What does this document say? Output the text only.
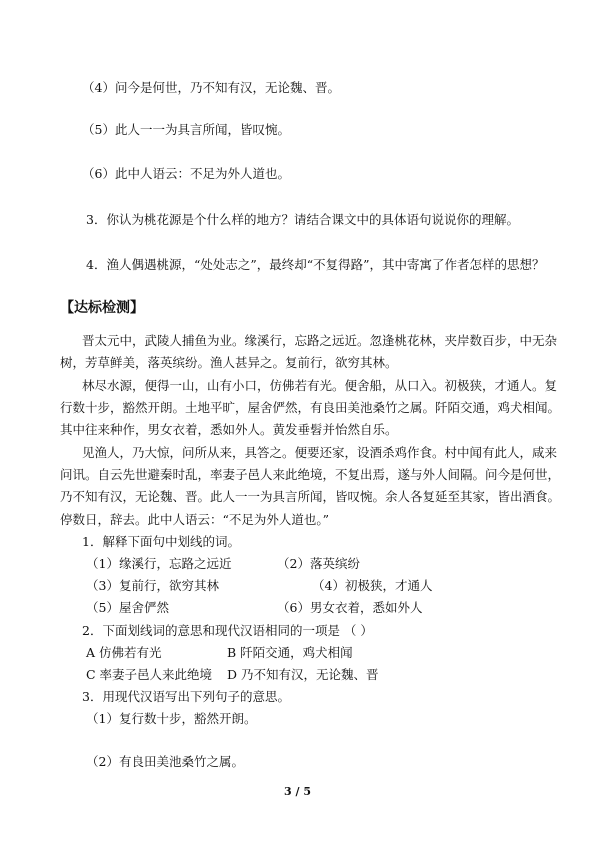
（4）问今是何世，乃不知有汉，无论魏、晋。
（5）此人一一为具言所闻，皆叹惋。
（6）此中人语云：不足为外人道也。
3．你认为桃花源是个什么样的地方？请结合课文中的具体语句说说你的理解。
4．渔人偶遇桃源，“处处志之”，最终却“不复得路”，其中寄寓了作者怎样的思想？
【达标检测】
晋太元中，武陵人捕鱼为业。缘溪行，忘路之远近。忽逢桃花林，夹岸数百步，中无杂
树，芳草鲜美，落英缤纷。渔人甚异之。复前行，欲穷其林。
林尽水源，便得一山，山有小口，仿佛若有光。便舍船，从口入。初极狭，才通人。复
行数十步，豁然开朗。土地平旷，屋舍俨然，有良田美池桑竹之属。阡陌交通，鸡犬相闻。
其中往来种作，男女衣着，悉如外人。黄发垂髫并怡然自乐。
见渔人，乃大惊，问所从来，具答之。便要还家，设酒杀鸡作食。村中闻有此人，咸来
问讯。自云先世避秦时乱，率妻子邑人来此绝境，不复出焉，遂与外人间隔。问今是何世，
乃不知有汉，无论魏、晋。此人一一为具言所闻，皆叹惋。余人各复延至其家，皆出酒食。
停数日，辞去。此中人语云：“不足为外人道也。”
1．解释下面句中划线的词。
（1）缘溪行，忘路之远近	（2）落英缤纷
（3）复前行，欲穷其林	（4）初极狭，才通人
（5）屋舍俨然	（6）男女衣着，悉如外人
2．下面划线词的意思和现代汉语相同的一项是 （ ）
A 仿佛若有光	B 阡陌交通，鸡犬相闻
C 率妻子邑人来此绝境 D 乃不知有汉，无论魏、晋
3．用现代汉语写出下列句子的意思。
（1）复行数十步，豁然开朗。
（2）有良田美池桑竹之属。
3 / 5
